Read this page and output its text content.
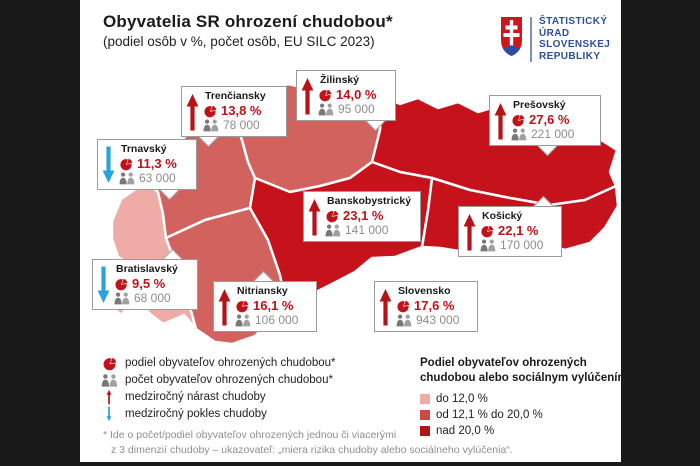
Obyvatelia SR ohrození chudobou*
(podiel osôb v %, počet osôb, EU SILC 2023)
ŠTATISTICKÝ
ÚRAD
SLOVENSKEJ
REPUBLIKY
Trenčiansky
13,8 %
78 000
Žilinský
14,0 %
95 000	Prešovský
27,6 %
221 000
Trnavský
11,3 %
63 000
Banskobystrický
23,1 %
141 000
Košický
22,1 %
170 000
Bratislavský
9,5 %
68 000	Nitriansky
16,1 %
106 000
Slovensko
17,6 %
943 000
podiel obyvateľov ohrozených chudobou*
počet obyvateľov ohrozených chudobou*
medziročný nárast chudoby
medziročný pokles chudoby
Podiel obyvateľov ohrozených
chudobou alebo sociálnym vylúčením
do 12,0 %
od 12,1 % do 20,0 %
nad 20,0 %
* Ide o počet/podiel obyvateľov ohrozených jednou či viacerými
z 3 dimenzií chudoby – ukazovateľ: „miera rizika chudoby alebo sociálneho vylúčenia“.
